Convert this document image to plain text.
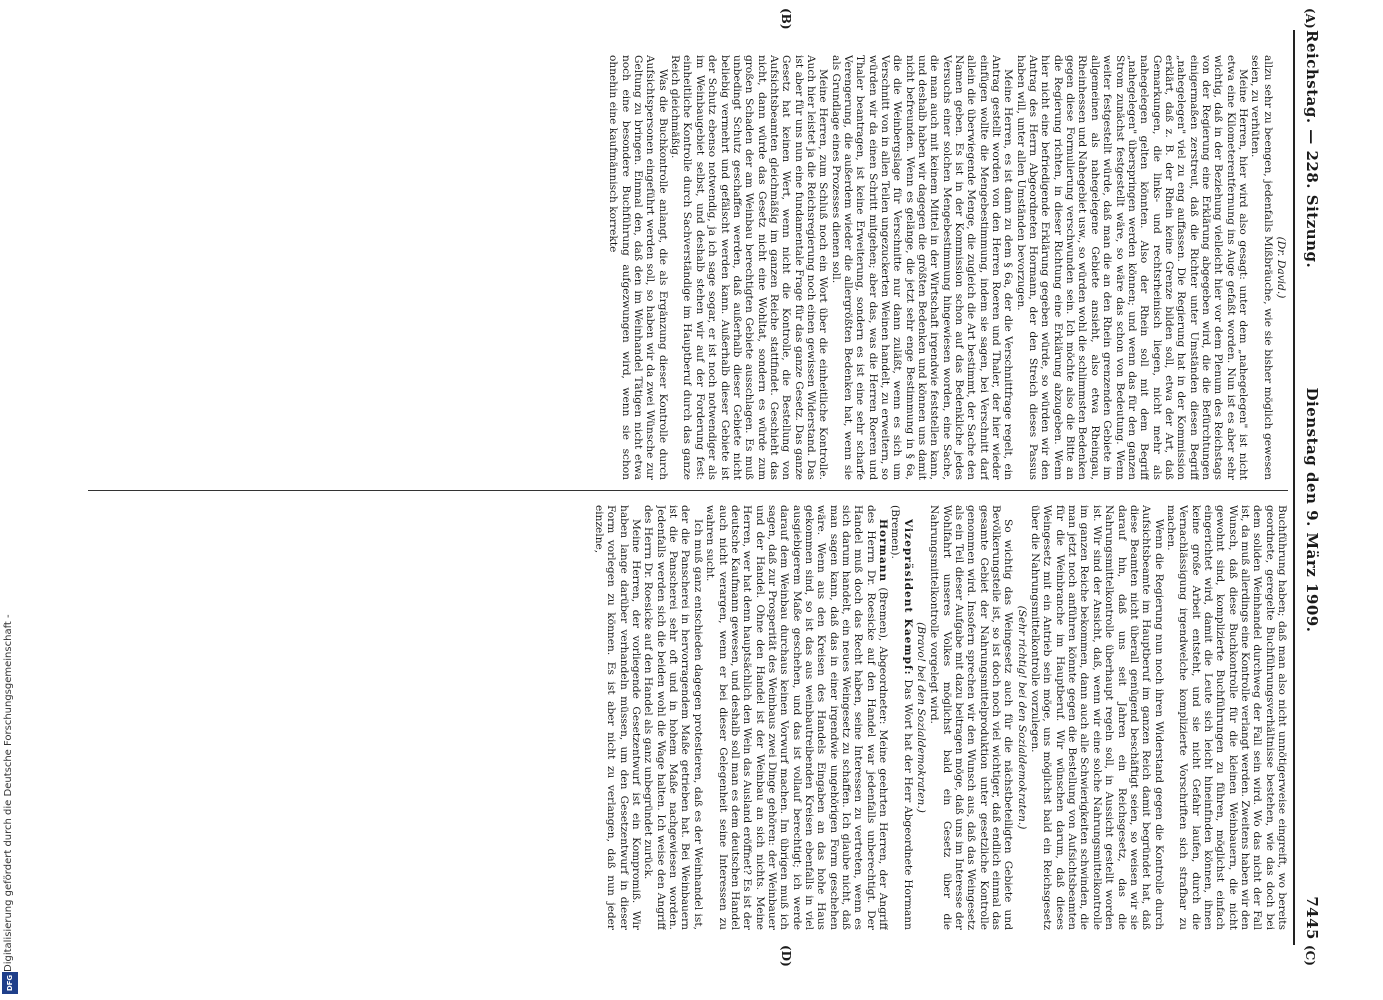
(A)
(B)
(C)
(D)
Reichstag. — 228. Sitzung.
Dienstag den 9. März 1909.
7445

(Dr. David.)

allzu sehr zu beengen, jedenfalls Mißbräuche, wie sie bisher möglich gewesen seien, zu verhüten.

Meine Herren, hier wird also gesagt: unter dem „nahegelegen" ist nicht etwa eine Kilometerentfernung ins Auge gefaßt worden. Nun ist es aber sehr wichtig, daß in der Beziehung vielleicht hier vor dem Plenum des Reichstags von der Regierung eine Erklärung abgegeben wird, die die Befürchtungen einigermaßen zerstreut, daß die Richter unter Umständen diesen Begriff „nahegelegen" viel zu eng auffassen. Die Regierung hat in der Kommission erklärt, daß z. B. der Rhein keine Grenze bilden soll, etwa der Art, daß Gemarkungen, die links- und rechtsrheinisch liegen, nicht mehr als nahegelegen gelten könnten. Also der Rhein soll mit dem Begriff „nahegelegen" überspringen werden können; und wenn das für den ganzen Strom zunächst festgestellt wäre, so wäre das schon von Bedeutung. Wenn weiter festgestellt würde, daß man die an den Rhein grenzenden Gebiete im allgemeinen als nahegelegene Gebiete ansieht, also etwa Rheingau, Rheinhessen und Nahegebiet usw., so würden wohl die schlimmsten Bedenken gegen diese Formulierung verschwunden sein. Ich möchte also die Bitte an die Regierung richten, in dieser Richtung eine Erklärung abzugeben. Wenn hier nicht eine befriedigende Erklärung gegeben würde, so würden wir den Antrag des Herrn Abgeordneten Hormann, der den Streich dieses Passus haben will, unter allen Umständen bevorzugen.

Meine Herren, es ist dann zu dem § 6a, der die Verschnittfrage regelt, ein Antrag gestellt worden von den Herren Roeren und Thaler, der hier wieder einfügen wollte die Mengebestimmung, indem sie sagen, bei Verschnitt darf allein die überwiegende Menge, die zugleich die Art bestimmt, der Sache den Namen geben. Es ist in der Kommission schon auf das Bedenkliche jedes Versuchs einer solchen Mengebestimmung hingewiesen worden, eine Sache, die man auch mit keinem Mittel in der Wirtschaft irgendwie feststellen kann, und deshalb haben wir dagegen die größten Bedenken und können uns damit nicht befreunden. Wenn es gelänge, die jetzt sehr enge Bestimmung in § 6a, die die Weinbergslage für Verschnitte nur dann zuläßt, wenn es sich um Verschnitt von in allen Teilen ungezuckerten Weinen handelt, zu erweitern, so würden wir da einen Schritt mitgehen; aber das, was die Herren Roeren und Thaler beantragen, ist keine Erweiterung, sondern es ist eine sehr scharfe Verengerung, die außerdem wieder die allergrößten Bedenken hat, wenn sie als Grundlage eines Prozesses dienen soll.

Meine Herren, zum Schluß noch ein Wort über die einheitliche Kontrolle. Auch hier leistet ja die Reichsregierung noch einen gewissen Widerstand. Das ist aber für uns nun eine fundamentale Frage für das ganze Gesetz. Das ganze Gesetz hat keinen Wert, wenn nicht die Kontrolle, die Bestellung von Aufsichtsbeamten gleichmäßig im ganzen Reiche stattfindet. Geschieht das nicht, dann würde das Gesetz nicht eine Wohltat, sondern es würde zum großen Schaden der am Weinbau berechtigten Gebiete ausschlagen. Es muß unbedingt Schutz geschaffen werden, daß außerhalb dieser Gebiete nicht beliebig vermehrt und gefälscht werden kann. Außerhalb dieser Gebiete ist der Schutz ebenso notwendig, ja ich sage sogar, er ist noch notwendiger als im Weinbaugebiet selbst, und deshalb stehen wir auf der Forderung fest: einheitliche Kontrolle durch Sachverständige im Hauptberuf durch das ganze Reich gleichmäßig.

Was die Buchkontrolle anlangt, die als Ergänzung dieser Kontrolle durch Aufsichtspersonen eingeführt werden soll, so haben wir da zwei Wünsche zur Geltung zu bringen. Einmal den, daß den im Weinhandel Tätigen nicht etwa noch eine besondere Buchführung aufgezwungen wird, wenn sie schon ohnehin eine kaufmännisch korrekte

Buchführung haben; daß man also nicht unnötigerweise eingreift, wo bereits geordnete, geregelte Buchführungsverhältnisse bestehen, wie das doch bei dem soliden Weinhandel durchweg der Fall sein wird. Wo das nicht der Fall ist, da muß allerdings eine Kontrolle verlangt werden. Zweitens haben wir den Wunsch, daß diese Buchkontrolle für die kleinen Weinbauern, die nicht gewohnt sind, komplizierte Buchführungen zu führen, möglichst einfach eingerichtet wird, damit die Leute sich leicht hineinfinden können, ihnen keine große Arbeit entsteht, und sie nicht Gefahr laufen, durch die Vernachlässigung irgendwelche komplizierte Vorschriften sich strafbar zu machen.

Wenn die Regierung nun noch ihren Widerstand gegen die Kontrolle durch Aufsichtsbeamte im Hauptberuf im ganzen Reich damit begründet hat, daß diese Beamten nicht überall genügend beschäftigt seien, so weisen wir sie darauf hin, daß uns seit Jahren ein Reichsgesetz, das die Nahrungsmittelkontrolle überhaupt regeln soll, in Aussicht gestellt worden ist. Wir sind der Ansicht, daß, wenn wir eine solche Nahrungsmittelkontrolle im ganzen Reiche bekommen, dann auch alle Schwierigkeiten schwinden, die man jetzt noch anführen könnte gegen die Bestellung von Aufsichtsbeamten für die Weinbranche im Hauptberuf. Wir wünschen darum, daß dieses Weingesetz mit ein Antrieb sein möge, uns möglichst bald ein Reichsgesetz über die Nahrungsmittelkontrolle vorzulegen.

(Sehr richtig! bei den Sozialdemokraten.)

So wichtig das Weingesetz auch für die nächstbeteiligten Gebiete und Bevölkerungsteile ist, so ist doch noch viel wichtiger, daß endlich einmal das gesamte Gebiet der Nahrungsmittelproduktion unter gesetzliche Kontrolle genommen wird. Insofern sprechen wir den Wunsch aus, daß das Weingesetz als ein Teil dieser Aufgabe mit dazu beitragen möge, daß uns im Interesse der Wohlfahrt unseres Volkes möglichst bald ein Gesetz über die Nahrungsmittelkontrolle vorgelegt wird.

(Bravo! bei den Sozialdemokraten.)

Vizepräsident Kaempf: Das Wort hat der Herr Abgeordnete Hormann (Bremen).

Hormann (Bremen), Abgeordneter: Meine geehrten Herren, der Angriff des Herrn Dr. Roesicke auf den Handel war jedenfalls unberechtigt. Der Handel muß doch das Recht haben, seine Interessen zu vertreten, wenn es sich darum handelt, ein neues Weingesetz zu schaffen. Ich glaube nicht, daß man sagen kann, daß das in einer irgendwie ungehörigen Form geschehen wäre. Wenn aus den Kreisen des Handels Eingaben an das hohe Haus gekommen sind, so ist das aus weinbautreibenden Kreisen ebenfalls in viel ausgiebigerem Maße geschehen, und das ist vollauf berechtigt; ich werde darauf dem Weinbau durchaus keinen Vorwurf machen. Im übrigen muß ich sagen, daß zur Prosperität des Weinbaus zwei Dinge gehören: der Weinbauer und der Handel. Ohne den Handel ist der Weinbau an sich nichts. Meine Herren, wer hat denn hauptsächlich den Wein das Ausland eröffnet? Es ist der deutsche Kaufmann gewesen, und deshalb soll man es dem deutschen Handel auch nicht verargen, wenn er bei dieser Gelegenheit seine Interessen zu wahren sucht.

Ich muß ganz entschieden dagegen protestieren, daß es der Weinhandel ist, der die Panscherei in hervorragendem Maße getrieben hat. Bei Weinbauern ist die Panscherei sehr oft und in hohem Maße nachgewiesen worden. Jedenfalls werden sich die beiden wohl die Wage halten. Ich weise den Angriff des Herrn Dr. Roesicke auf den Handel als ganz unbegründet zurück.

Meine Herren, der vorliegende Gesetzentwurf ist ein Kompromiß. Wir haben lange darüber verhandeln müssen, um den Gesetzentwurf in dieser Form vorlegen zu können. Es ist aber nicht zu verlangen, daß nun jeder einzelne,

Digitalisierung gefördert durch die Deutsche Forschungsgemeinschaft -
DFG
